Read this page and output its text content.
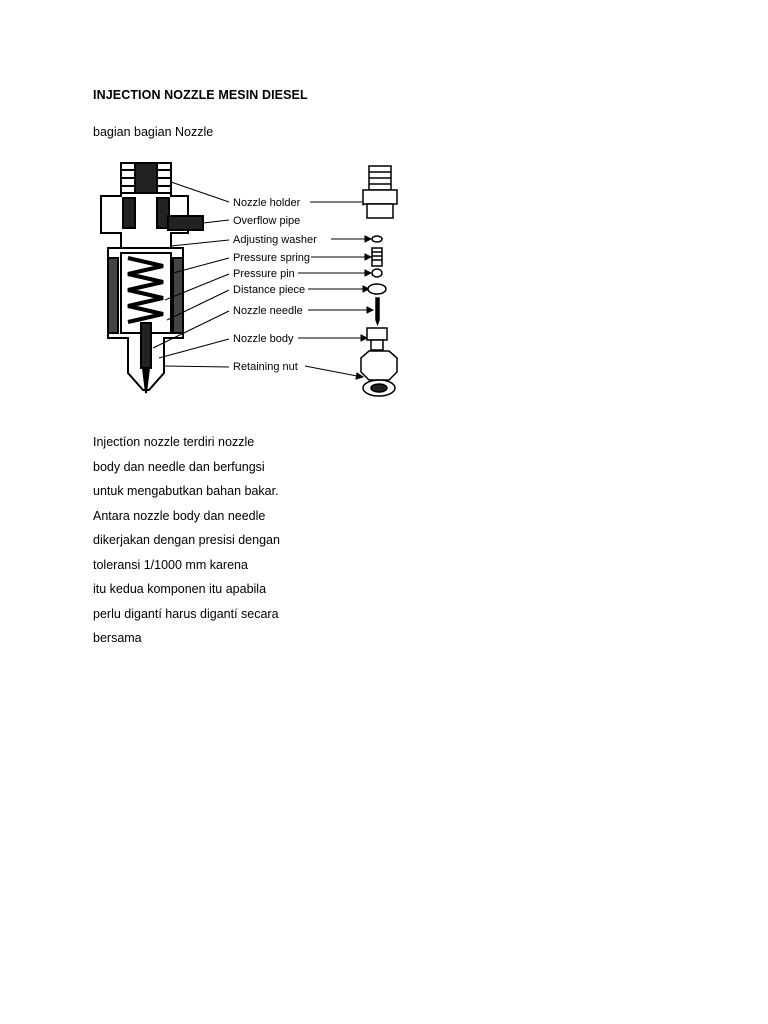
INJECTION NOZZLE MESIN DIESEL
bagian bagian Nozzle
Nozzle holder
Overflow pipe
Adjusting washer
Pressure spring
Pressure pin
Distance piece
Nozzle needle
Nozzle body
Retaining nut
Injectíon nozzle terdiri nozzle
body dan needle dan berfungsi
untuk mengabutkan bahan bakar.
Antara nozzle body dan needle
dikerjakan dengan presisi dengan
toleransi 1/1000 mm karena
itu kedua komponen itu apabila
perlu digantí harus digantí secara
bersama
